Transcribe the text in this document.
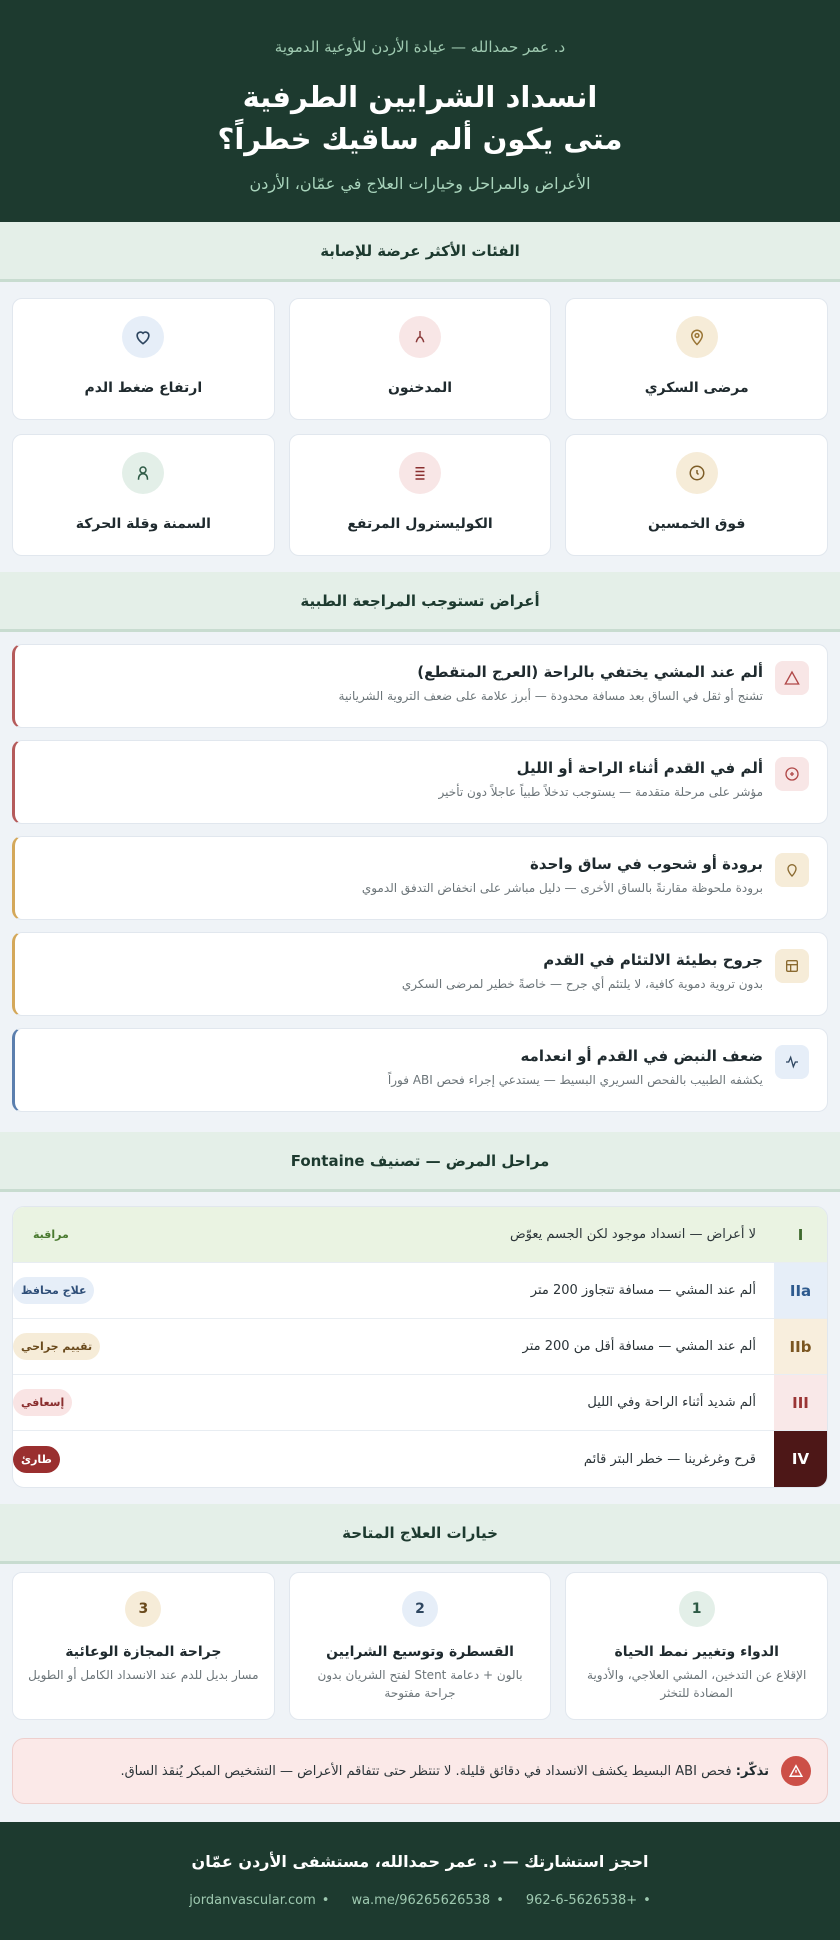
د. عمر حمدالله — عيادة الأردن للأوعية الدموية
انسداد الشرايين الطرفية
متى يكون ألم ساقيك خطراً؟
الأعراض والمراحل وخيارات العلاج في عمّان، الأردن
الفئات الأكثر عرضة للإصابة
مرضى السكري
المدخنون
ارتفاع ضغط الدم
فوق الخمسين
الكوليسترول المرتفع
السمنة وقلة الحركة
أعراض تستوجب المراجعة الطبية
ألم عند المشي يختفي بالراحة (العرج المتقطع)
تشنج أو ثقل في الساق بعد مسافة محدودة — أبرز علامة على ضعف التروية الشريانية
ألم في القدم أثناء الراحة أو الليل
مؤشر على مرحلة متقدمة — يستوجب تدخلاً طبياً عاجلاً دون تأخير
برودة أو شحوب في ساق واحدة
برودة ملحوظة مقارنةً بالساق الأخرى — دليل مباشر على انخفاض التدفق الدموي
جروح بطيئة الالتئام في القدم
بدون تروية دموية كافية، لا يلتئم أي جرح — خاصةً خطير لمرضى السكري
ضعف النبض في القدم أو انعدامه
يكشفه الطبيب بالفحص السريري البسيط — يستدعي إجراء فحص ABI فوراً
مراحل المرض — تصنيف Fontaine
I
لا أعراض — انسداد موجود لكن الجسم يعوّض
مراقبة
IIa
ألم عند المشي — مسافة تتجاوز 200 متر
علاج محافظ
IIb
ألم عند المشي — مسافة أقل من 200 متر
تقييم جراحي
III
ألم شديد أثناء الراحة وفي الليل
إسعافي
IV
قرح وغرغرينا — خطر البتر قائم
طارئ
خيارات العلاج المتاحة
1
الدواء وتغيير نمط الحياة
الإقلاع عن التدخين، المشي العلاجي، والأدوية المضادة للتخثر
2
القسطرة وتوسيع الشرايين
بالون + دعامة Stent لفتح الشريان بدون جراحة مفتوحة
3
جراحة المجازة الوعائية
مسار بديل للدم عند الانسداد الكامل أو الطويل
تذكّر: فحص ABI البسيط يكشف الانسداد في دقائق قليلة. لا تنتظر حتى تتفاقم الأعراض — التشخيص المبكر يُنقذ الساق.
احجز استشارتك — د. عمر حمدالله، مستشفى الأردن عمّان
•962-6-5626538+
•wa.me/96265626538
•jordanvascular.com
